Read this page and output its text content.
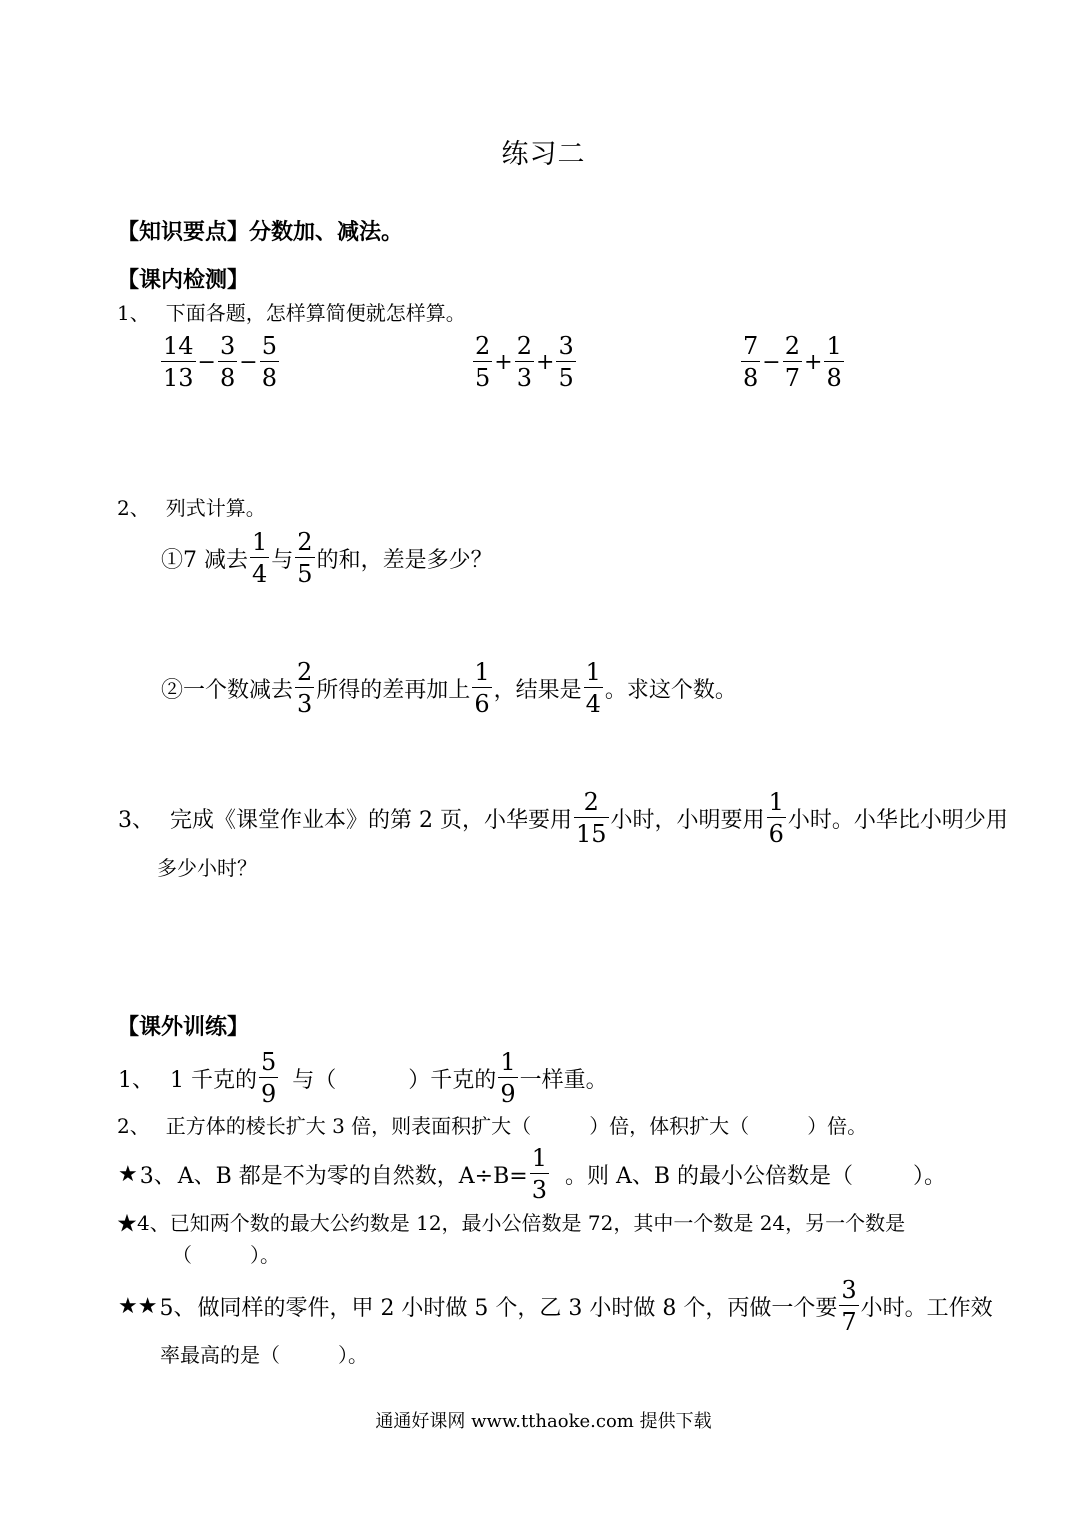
练习二
【知识要点】分数加、减法。
【课内检测】
1、 下面各题，怎样算简便就怎样算。
$\frac{14}{13} - \frac{3}{8} - \frac{5}{8}$	$\frac{2}{5} + \frac{2}{3} + \frac{3}{5}$	$\frac{7}{8} - \frac{2}{7} + \frac{1}{8}$
2、 列式计算。
①7 减去 $\frac{1}{4}$ 与 $\frac{2}{5}$ 的和，差是多少？
②一个数减去 $\frac{2}{3}$ 所得的差再加上 $\frac{1}{6}$ ，结果是 $\frac{1}{4}$ 。求这个数。
3、 完成《课堂作业本》的第 2 页，小华要用 $\frac{2}{15}$ 小时，小明要用 $\frac{1}{6}$ 小时。小华比小明少用
多少小时？
【课外训练】
1、 1 千克的 $\frac{5}{9}$ 与（	）千克的 $\frac{1}{9}$ 一样重。
2、 正方体的棱长扩大 3 倍，则表面积扩大（	）倍，体积扩大（	）倍。
★3、A、B 都是不为零的自然数，$A\div B= \frac{1}{3}$ 。则 A、B 的最小公倍数是（	）。
★4、已知两个数的最大公约数是 12，最小公倍数是 72，其中一个数是 24，另一个数是
（	）。
★★5、做同样的零件，甲 2 小时做 5 个，乙 3 小时做 8 个，丙做一个要 $\frac{3}{7}$ 小时。工作效
率最高的是（	）。
通通好课网 www.tthaoke.com 提供下载
